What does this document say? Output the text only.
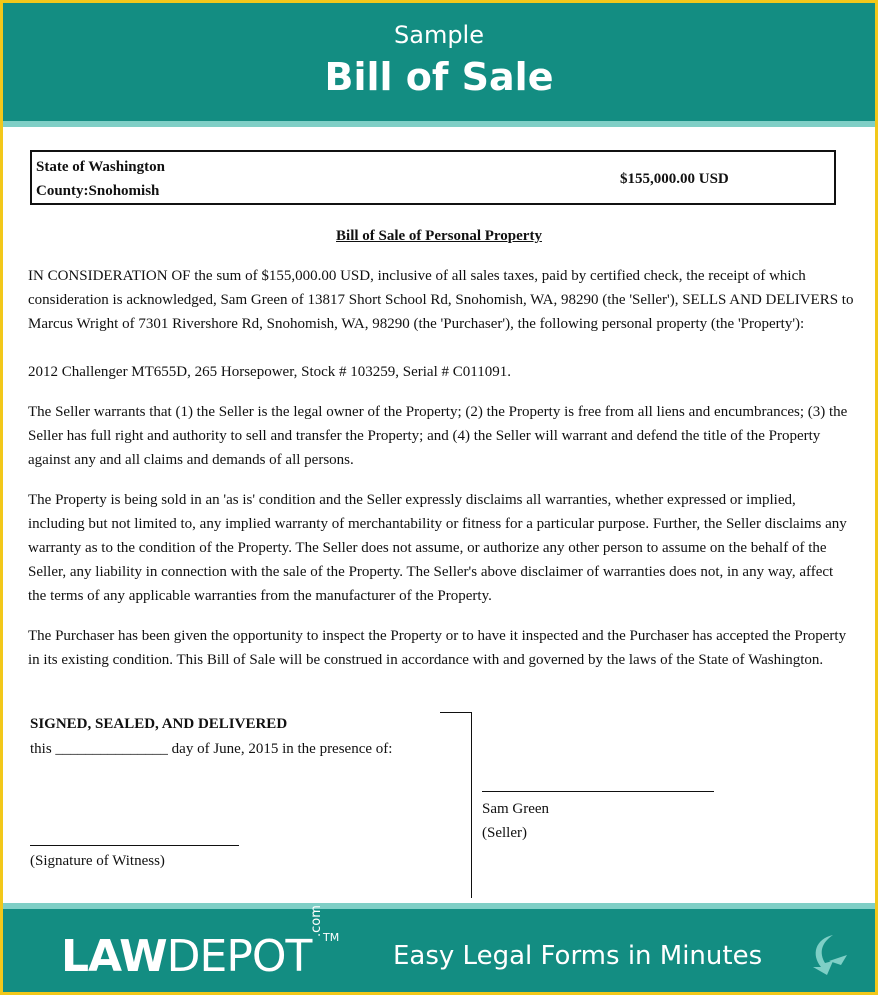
Sample
Bill of Sale
State of Washington
County:Snohomish
$155,000.00 USD
Bill of Sale of Personal Property
IN CONSIDERATION OF the sum of $155,000.00 USD, inclusive of all sales taxes, paid by certified check, the receipt of which consideration is acknowledged, Sam Green of 13817 Short School Rd, Snohomish, WA, 98290 (the 'Seller'), SELLS AND DELIVERS to Marcus Wright of 7301 Rivershore Rd, Snohomish, WA, 98290 (the 'Purchaser'), the following personal property (the 'Property'):
2012 Challenger MT655D, 265 Horsepower, Stock # 103259, Serial # C011091.
The Seller warrants that (1) the Seller is the legal owner of the Property; (2) the Property is free from all liens and encumbrances; (3) the Seller has full right and authority to sell and transfer the Property; and (4) the Seller will warrant and defend the title of the Property against any and all claims and demands of all persons.
The Property is being sold in an 'as is' condition and the Seller expressly disclaims all warranties, whether expressed or implied, including but not limited to, any implied warranty of merchantability or fitness for a particular purpose. Further, the Seller disclaims any warranty as to the condition of the Property. The Seller does not assume, or authorize any other person to assume on the behalf of the Seller, any liability in connection with the sale of the Property. The Seller's above disclaimer of warranties does not, in any way, affect the terms of any applicable warranties from the manufacturer of the Property.
The Purchaser has been given the opportunity to inspect the Property or to have it inspected and the Purchaser has accepted the Property in its existing condition. This Bill of Sale will be construed in accordance with and governed by the laws of the State of Washington.
SIGNED, SEALED, AND DELIVERED
this _______________ day of June, 2015 in the presence of:
Sam Green
(Seller)
(Signature of Witness)
LAWDEPOT
.com
TM
Easy Legal Forms in Minutes
